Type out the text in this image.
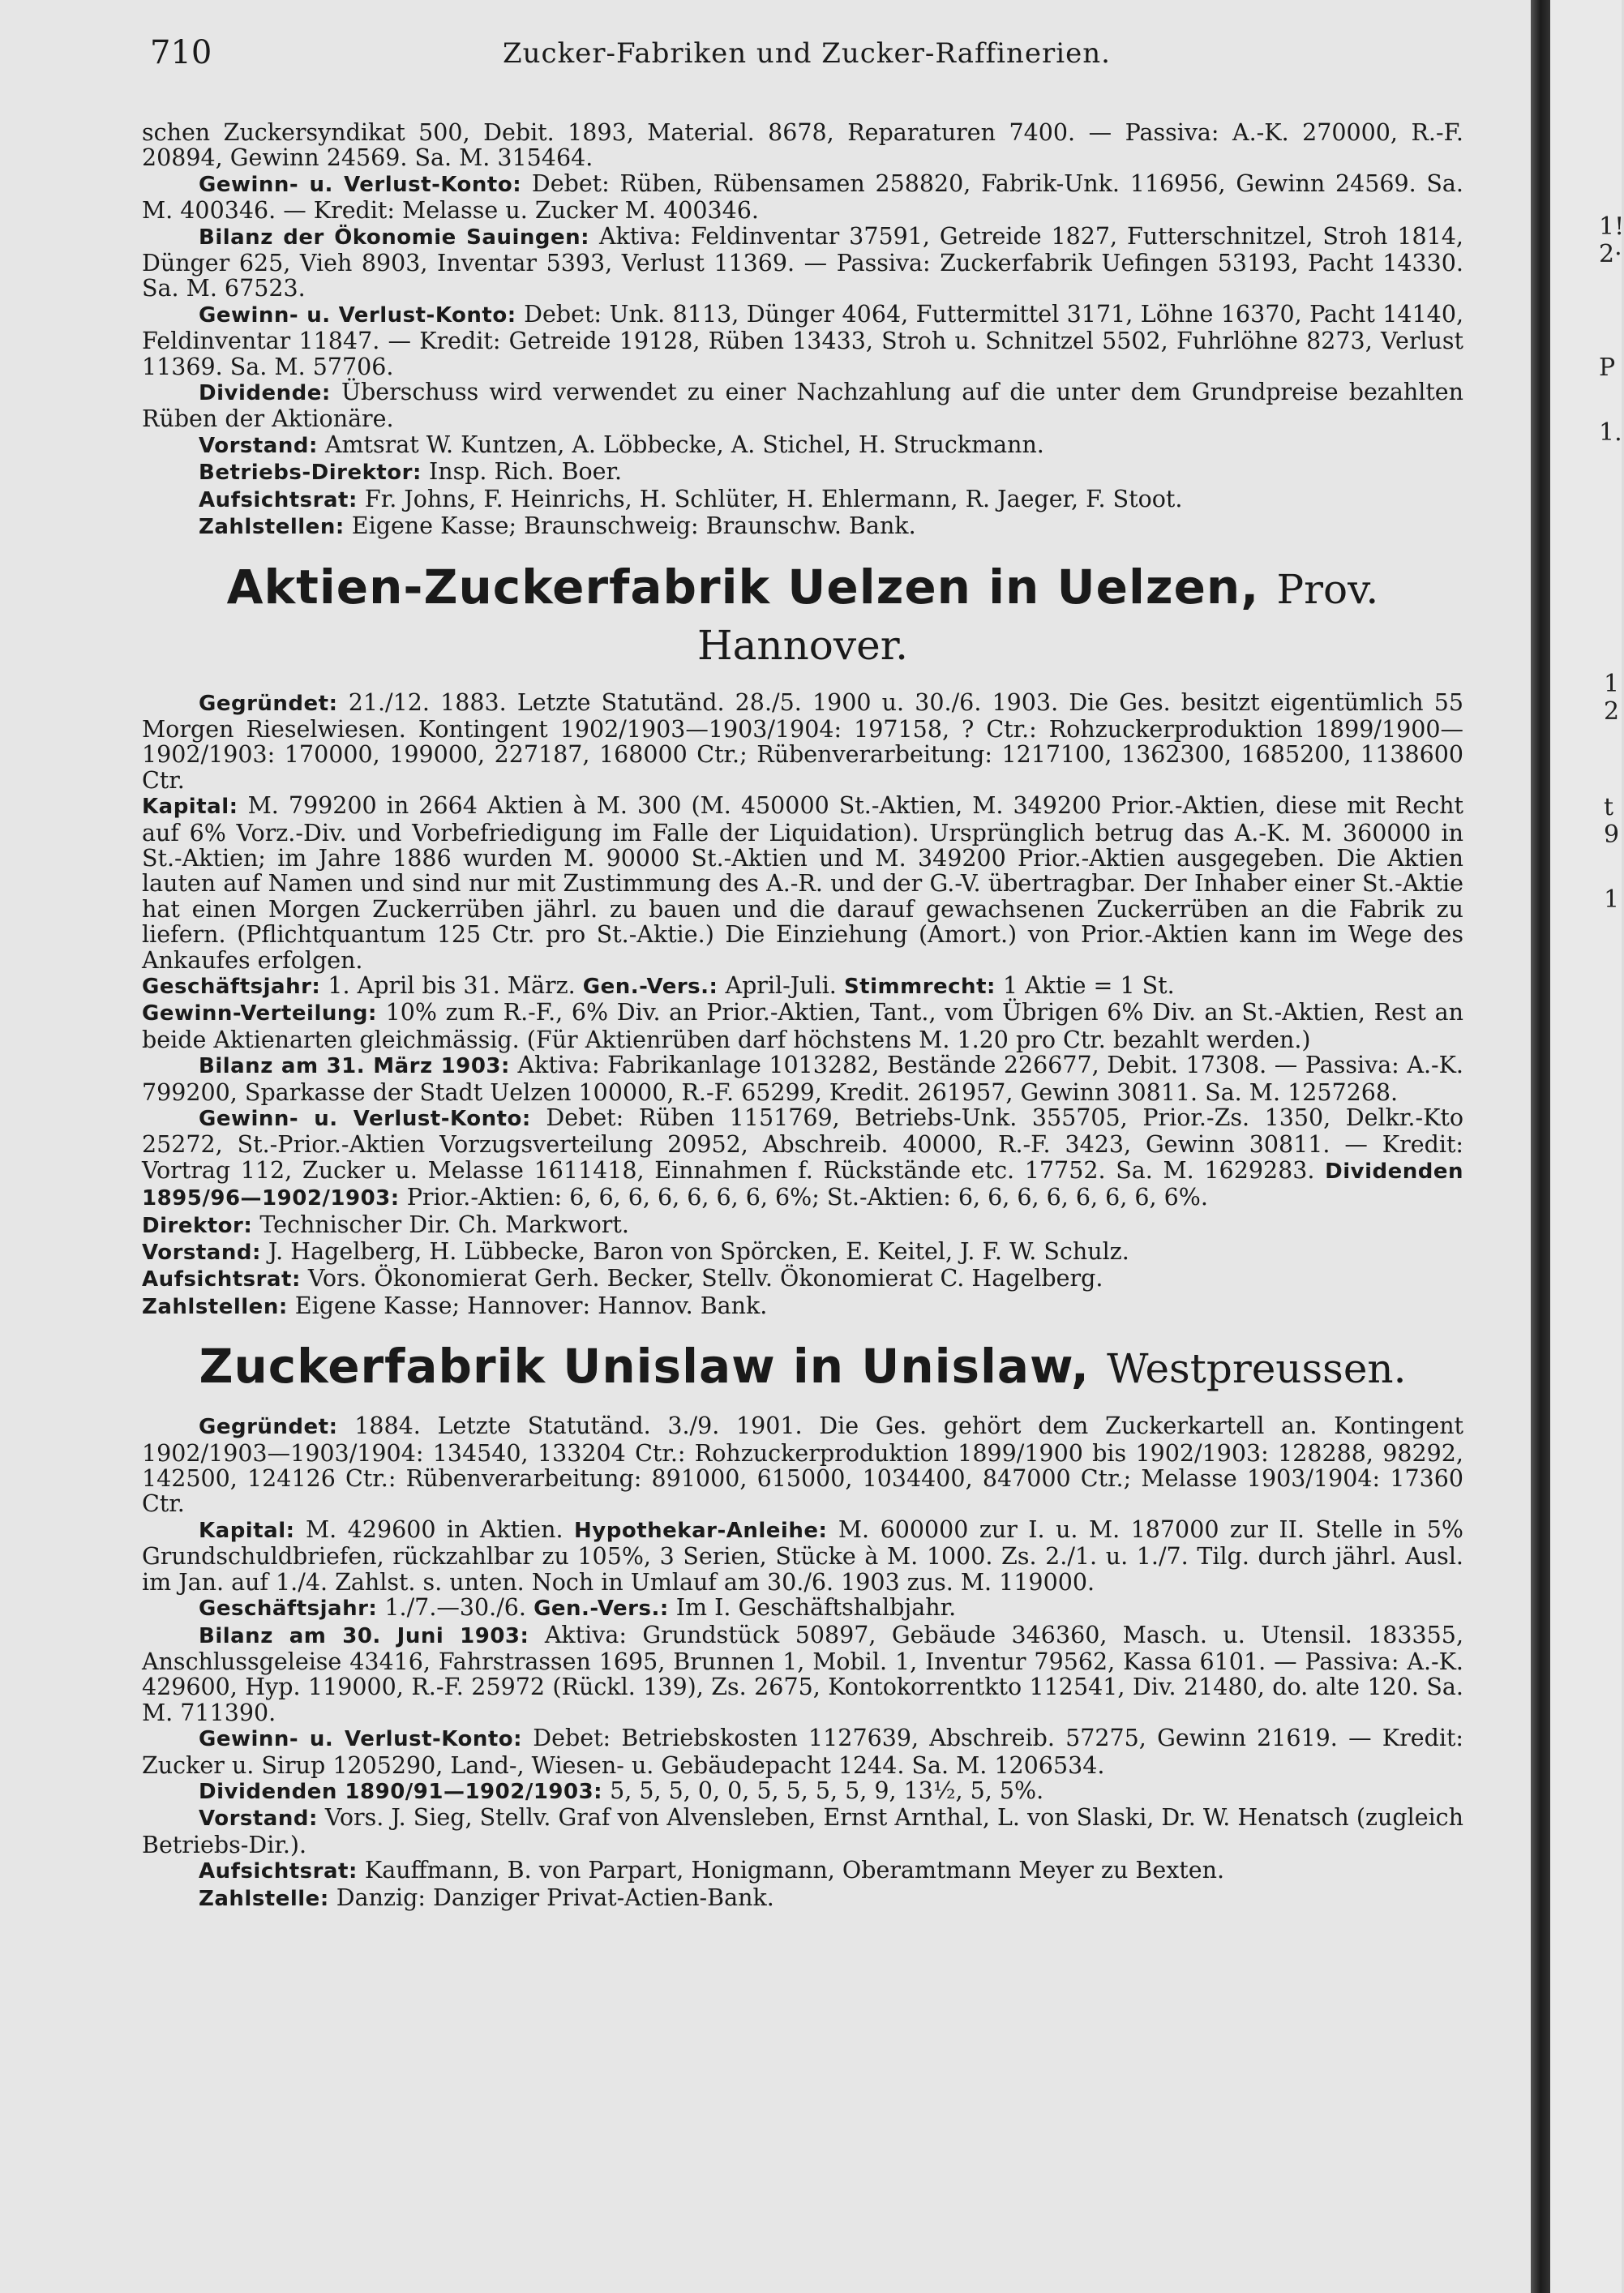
710	Zucker-Fabriken und Zucker-Raffinerien.

schen Zuckersyndikat 500, Debit. 1893, Material. 8678, Reparaturen 7400. — Passiva: A.-K. 270000, R.-F. 20894, Gewinn 24569. Sa. M. 315464.

Gewinn- u. Verlust-Konto: Debet: Rüben, Rübensamen 258820, Fabrik-Unk. 116956, Gewinn 24569. Sa. M. 400346. — Kredit: Melasse u. Zucker M. 400346.

Bilanz der Ökonomie Sauingen: Aktiva: Feldinventar 37591, Getreide 1827, Futterschnitzel, Stroh 1814, Dünger 625, Vieh 8903, Inventar 5393, Verlust 11369. — Passiva: Zuckerfabrik Uefingen 53193, Pacht 14330. Sa. M. 67523.

Gewinn- u. Verlust-Konto: Debet: Unk. 8113, Dünger 4064, Futtermittel 3171, Löhne 16370, Pacht 14140, Feldinventar 11847. — Kredit: Getreide 19128, Rüben 13433, Stroh u. Schnitzel 5502, Fuhrlöhne 8273, Verlust 11369. Sa. M. 57706.

Dividende: Überschuss wird verwendet zu einer Nachzahlung auf die unter dem Grundpreise bezahlten Rüben der Aktionäre.

Vorstand: Amtsrat W. Kuntzen, A. Löbbecke, A. Stichel, H. Struckmann.

Betriebs-Direktor: Insp. Rich. Boer.

Aufsichtsrat: Fr. Johns, F. Heinrichs, H. Schlüter, H. Ehlermann, R. Jaeger, F. Stoot.

Zahlstellen: Eigene Kasse; Braunschweig: Braunschw. Bank.

Aktien-Zuckerfabrik Uelzen in Uelzen, Prov. Hannover.

Gegründet: 21./12. 1883. Letzte Statutänd. 28./5. 1900 u. 30./6. 1903. Die Ges. besitzt eigentümlich 55 Morgen Rieselwiesen. Kontingent 1902/1903—1903/1904: 197158, ? Ctr.: Rohzuckerproduktion 1899/1900—1902/1903: 170000, 199000, 227187, 168000 Ctr.; Rübenverarbeitung: 1217100, 1362300, 1685200, 1138600 Ctr.

Kapital: M. 799200 in 2664 Aktien à M. 300 (M. 450000 St.-Aktien, M. 349200 Prior.-Aktien, diese mit Recht auf 6% Vorz.-Div. und Vorbefriedigung im Falle der Liquidation). Ursprünglich betrug das A.-K. M. 360000 in St.-Aktien; im Jahre 1886 wurden M. 90000 St.-Aktien und M. 349200 Prior.-Aktien ausgegeben. Die Aktien lauten auf Namen und sind nur mit Zustimmung des A.-R. und der G.-V. übertragbar. Der Inhaber einer St.-Aktie hat einen Morgen Zuckerrüben jährl. zu bauen und die darauf gewachsenen Zuckerrüben an die Fabrik zu liefern. (Pflichtquantum 125 Ctr. pro St.-Aktie.) Die Einziehung (Amort.) von Prior.-Aktien kann im Wege des Ankaufes erfolgen.

Geschäftsjahr: 1. April bis 31. März. Gen.-Vers.: April-Juli. Stimmrecht: 1 Aktie = 1 St.

Gewinn-Verteilung: 10% zum R.-F., 6% Div. an Prior.-Aktien, Tant., vom Übrigen 6% Div. an St.-Aktien, Rest an beide Aktienarten gleichmässig. (Für Aktienrüben darf höchstens M. 1.20 pro Ctr. bezahlt werden.)

Bilanz am 31. März 1903: Aktiva: Fabrikanlage 1013282, Bestände 226677, Debit. 17308. — Passiva: A.-K. 799200, Sparkasse der Stadt Uelzen 100000, R.-F. 65299, Kredit. 261957, Gewinn 30811. Sa. M. 1257268.

Gewinn- u. Verlust-Konto: Debet: Rüben 1151769, Betriebs-Unk. 355705, Prior.-Zs. 1350, Delkr.-Kto 25272, St.-Prior.-Aktien Vorzugsverteilung 20952, Abschreib. 40000, R.-F. 3423, Gewinn 30811. — Kredit: Vortrag 112, Zucker u. Melasse 1611418, Einnahmen f. Rückstände etc. 17752. Sa. M. 1629283. Dividenden 1895/96—1902/1903: Prior.-Aktien: 6, 6, 6, 6, 6, 6, 6, 6%; St.-Aktien: 6, 6, 6, 6, 6, 6, 6, 6%.

Direktor: Technischer Dir. Ch. Markwort.

Vorstand: J. Hagelberg, H. Lübbecke, Baron von Spörcken, E. Keitel, J. F. W. Schulz.

Aufsichtsrat: Vors. Ökonomierat Gerh. Becker, Stellv. Ökonomierat C. Hagelberg.

Zahlstellen: Eigene Kasse; Hannover: Hannov. Bank.

Zuckerfabrik Unislaw in Unislaw, Westpreussen.

Gegründet: 1884. Letzte Statutänd. 3./9. 1901. Die Ges. gehört dem Zuckerkartell an. Kontingent 1902/1903—1903/1904: 134540, 133204 Ctr.: Rohzuckerproduktion 1899/1900 bis 1902/1903: 128288, 98292, 142500, 124126 Ctr.: Rübenverarbeitung: 891000, 615000, 1034400, 847000 Ctr.; Melasse 1903/1904: 17360 Ctr.

Kapital: M. 429600 in Aktien. Hypothekar-Anleihe: M. 600000 zur I. u. M. 187000 zur II. Stelle in 5% Grundschuldbriefen, rückzahlbar zu 105%, 3 Serien, Stücke à M. 1000. Zs. 2./1. u. 1./7. Tilg. durch jährl. Ausl. im Jan. auf 1./4. Zahlst. s. unten. Noch in Umlauf am 30./6. 1903 zus. M. 119000.

Geschäftsjahr: 1./7.—30./6. Gen.-Vers.: Im I. Geschäftshalbjahr.

Bilanz am 30. Juni 1903: Aktiva: Grundstück 50897, Gebäude 346360, Masch. u. Utensil. 183355, Anschlussgeleise 43416, Fahrstrassen 1695, Brunnen 1, Mobil. 1, Inventur 79562, Kassa 6101. — Passiva: A.-K. 429600, Hyp. 119000, R.-F. 25972 (Rückl. 139), Zs. 2675, Kontokorrentkto 112541, Div. 21480, do. alte 120. Sa. M. 711390.

Gewinn- u. Verlust-Konto: Debet: Betriebskosten 1127639, Abschreib. 57275, Gewinn 21619. — Kredit: Zucker u. Sirup 1205290, Land-, Wiesen- u. Gebäudepacht 1244. Sa. M. 1206534.

Dividenden 1890/91—1902/1903: 5, 5, 5, 0, 0, 5, 5, 5, 5, 9, 13½, 5, 5%.

Vorstand: Vors. J. Sieg, Stellv. Graf von Alvensleben, Ernst Arnthal, L. von Slaski, Dr. W. Henatsch (zugleich Betriebs-Dir.).

Aufsichtsrat: Kauffmann, B. von Parpart, Honigmann, Oberamtmann Meyer zu Bexten.

Zahlstelle: Danzig: Danziger Privat-Actien-Bank.

1!
2·
P
1.
1
2
t
9
1
